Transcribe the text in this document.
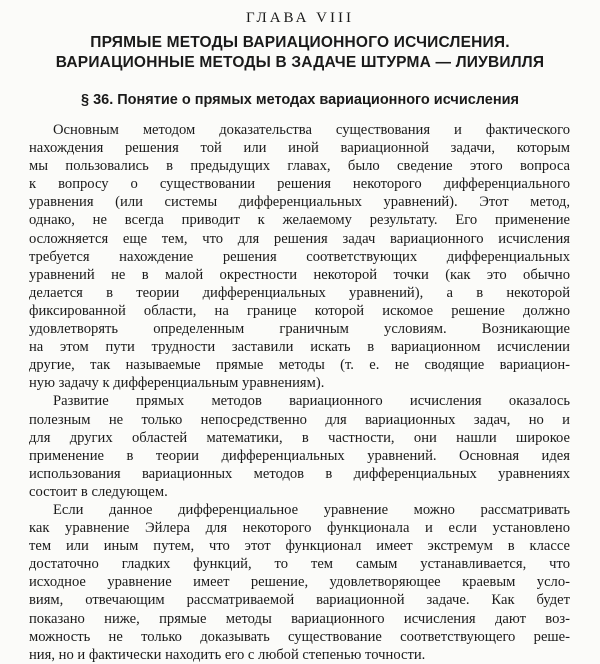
ГЛАВА VIII
ПРЯМЫЕ МЕТОДЫ ВАРИАЦИОННОГО ИСЧИСЛЕНИЯ.
ВАРИАЦИОННЫЕ МЕТОДЫ В ЗАДАЧЕ ШТУРМА — ЛИУВИЛЛЯ
§ 36. Понятие о прямых методах вариационного исчисления

Основным методом доказательства существования и фактического
нахождения решения той или иной вариационной задачи, которым
мы пользовались в предыдущих главах, было сведение этого вопроса
к вопросу о существовании решения некоторого дифференциального
уравнения (или системы дифференциальных уравнений). Этот метод,
однако, не всегда приводит к желаемому результату. Его применение
осложняется еще тем, что для решения задач вариационного исчисления
требуется нахождение решения соответствующих дифференциальных
уравнений не в малой окрестности некоторой точки (как это обычно
делается в теории дифференциальных уравнений), а в некоторой
фиксированной области, на границе которой искомое решение должно
удовлетворять определенным граничным условиям. Возникающие
на этом пути трудности заставили искать в вариационном исчислении
другие, так называемые прямые методы (т. е. не сводящие вариацион-
ную задачу к дифференциальным уравнениям).

Развитие прямых методов вариационного исчисления оказалось
полезным не только непосредственно для вариационных задач, но и
для других областей математики, в частности, они нашли широкое
применение в теории дифференциальных уравнений. Основная идея
использования вариационных методов в дифференциальных уравнениях
состоит в следующем.

Если данное дифференциальное уравнение можно рассматривать
как уравнение Эйлера для некоторого функционала и если установлено
тем или иным путем, что этот функционал имеет экстремум в классе
достаточно гладких функций, то тем самым устанавливается, что
исходное уравнение имеет решение, удовлетворяющее краевым усло-
виям, отвечающим рассматриваемой вариационной задаче. Как будет
показано ниже, прямые методы вариационного исчисления дают воз-
можность не только доказывать существование соответствующего реше-
ния, но и фактически находить его с любой степенью точности.
